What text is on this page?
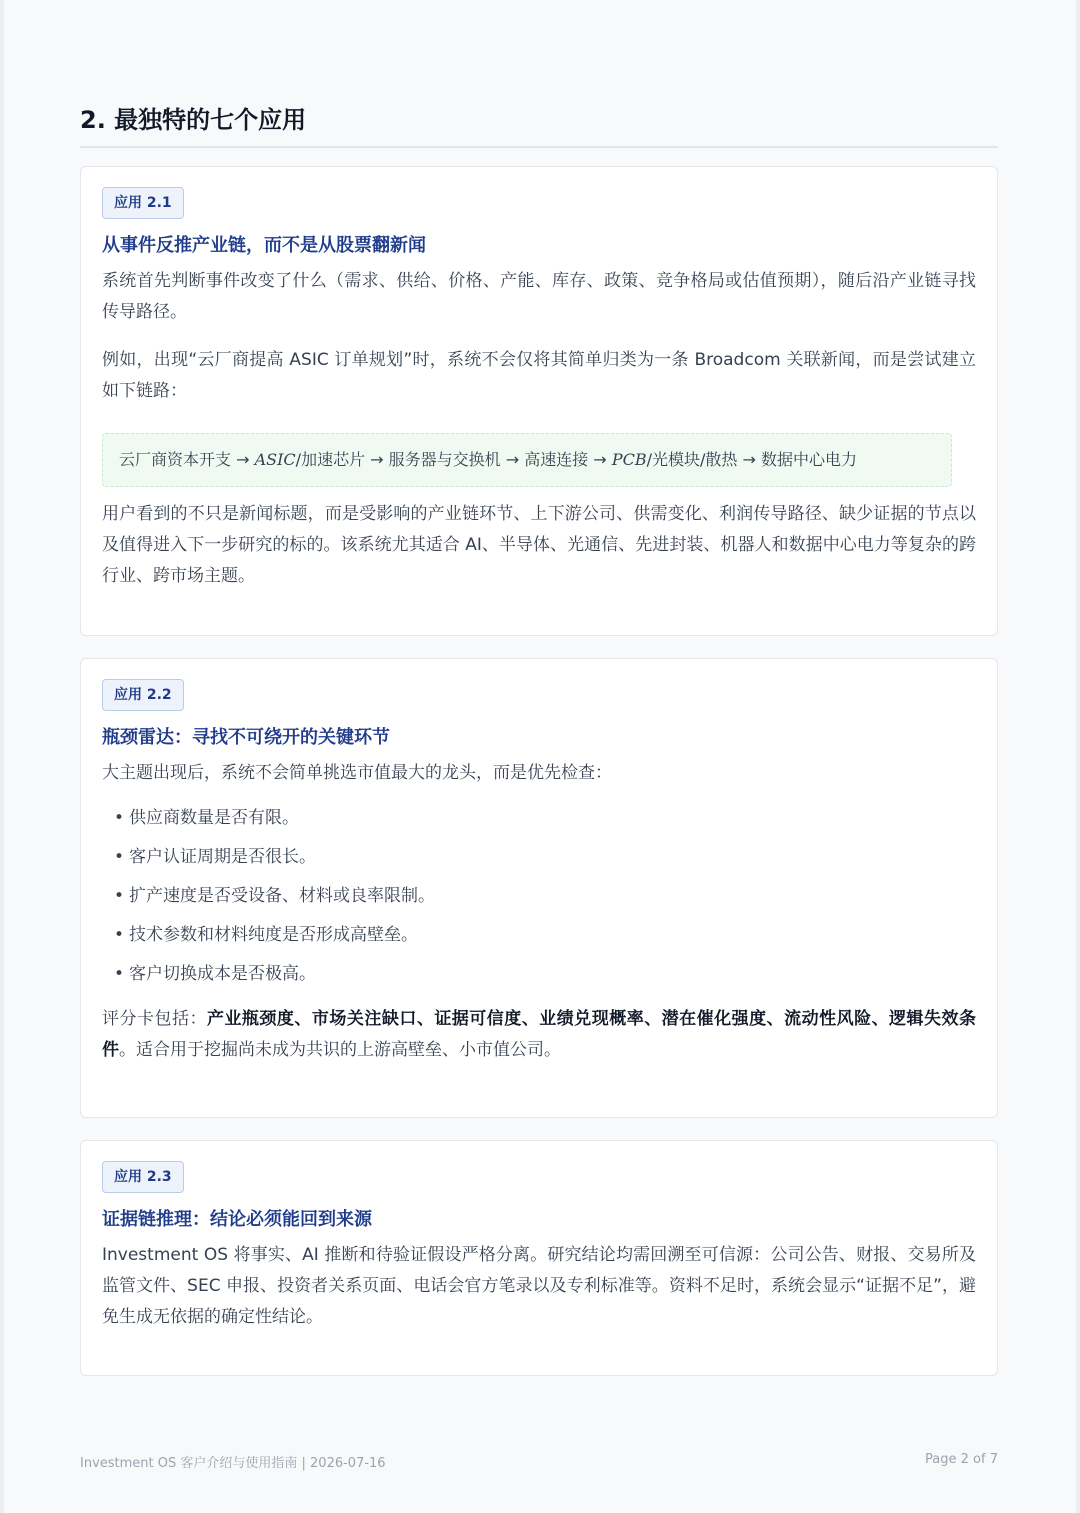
2. 最独特的七个应用
应用 2.1
从事件反推产业链，而不是从股票翻新闻

系统首先判断事件改变了什么（需求、供给、价格、产能、库存、政策、竞争格局或估值预期），随后沿产业链寻找传导路径。

例如，出现“云厂商提高 ASIC 订单规划”时，系统不会仅将其简单归类为一条 Broadcom 关联新闻，而是尝试建立如下链路：

云厂商资本开支 → ASIC/加速芯片 → 服务器与交换机 → 高速连接 → PCB/光模块/散热 → 数据中心电力

用户看到的不只是新闻标题，而是受影响的产业链环节、上下游公司、供需变化、利润传导路径、缺少证据的节点以及值得进入下一步研究的标的。该系统尤其适合 AI、半导体、光通信、先进封装、机器人和数据中心电力等复杂的跨行业、跨市场主题。

应用 2.2
瓶颈雷达：寻找不可绕开的关键环节

大主题出现后，系统不会简单挑选市值最大的龙头，而是优先检查：

• 供应商数量是否有限。
• 客户认证周期是否很长。
• 扩产速度是否受设备、材料或良率限制。
• 技术参数和材料纯度是否形成高壁垒。
• 客户切换成本是否极高。

评分卡包括：产业瓶颈度、市场关注缺口、证据可信度、业绩兑现概率、潜在催化强度、流动性风险、逻辑失效条件。适合用于挖掘尚未成为共识的上游高壁垒、小市值公司。

应用 2.3
证据链推理：结论必须能回到来源

Investment OS 将事实、AI 推断和待验证假设严格分离。研究结论均需回溯至可信源：公司公告、财报、交易所及监管文件、SEC 申报、投资者关系页面、电话会官方笔录以及专利标准等。资料不足时，系统会显示“证据不足”，避免生成无依据的确定性结论。

Investment OS 客户介绍与使用指南 | 2026-07-16	Page 2 of 7
